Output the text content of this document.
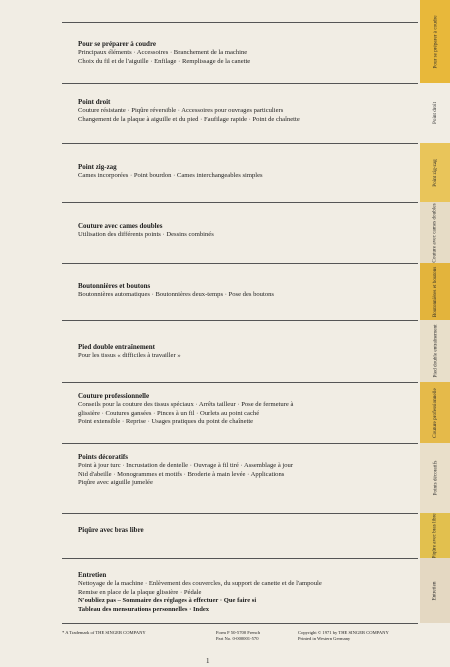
Pour se préparer à coudre

Principaux éléments · Accessoires · Branchement de la machine
Choix du fil et de l'aiguille · Enfilage · Remplissage de la canette

Point droit

Couture résistante · Piqûre réversible · Accessoires pour ouvrages particuliers
Changement de la plaque à aiguille et du pied · Faufilage rapide · Point de chaînette

Point zig-zag

Cames incorporées · Point bourdon · Cames interchangeables simples

Couture avec cames doubles

Utilisation des différents points · Dessins combinés

Boutonnières et boutons

Boutonnières automatiques · Boutonnières deux-temps · Pose des boutons

Pied double entraînement

Pour les tissus « difficiles à travailler »

Couture professionnelle

Conseils pour la couture des tissus spéciaux · Arrêts tailleur · Pose de fermeture à
glissière · Coutures gansées · Pinces à un fil · Ourlets au point caché
Point extensible · Reprise · Usages pratiques du point de chaînette

Points décoratifs

Point à jour turc · Incrustation de dentelle · Ouvrage à fil tiré · Assemblage à jour
Nid d'abeille · Monogrammes et motifs · Broderie à main levée · Applications
Piqûre avec aiguille jumelée

Piqûre avec bras libre

Entretien

Nettoyage de la machine · Enlèvement des couvercles, du support de canette et de l'ampoule
Remise en place de la plaque glissière · Pédale
N'oubliez pas – Sommaire des réglages à effectuer · Que faire si
Tableau des mensurations personnelles · Index

Pour se préparer à coudre
Point droit
Point zig-zag
Couture avec cames doubles
Boutonnières et boutons
Pied double entraînement
Couture professionnelle
Points décoratifs
Piqûre avec bras libre
Entretien
* A Trademark of THE SINGER COMPANY	Form F 50-5700 French
Part No. 0-000001-570
Copyright © 1971 by THE SINGER COMPANY
Printed in Western Germany
1
